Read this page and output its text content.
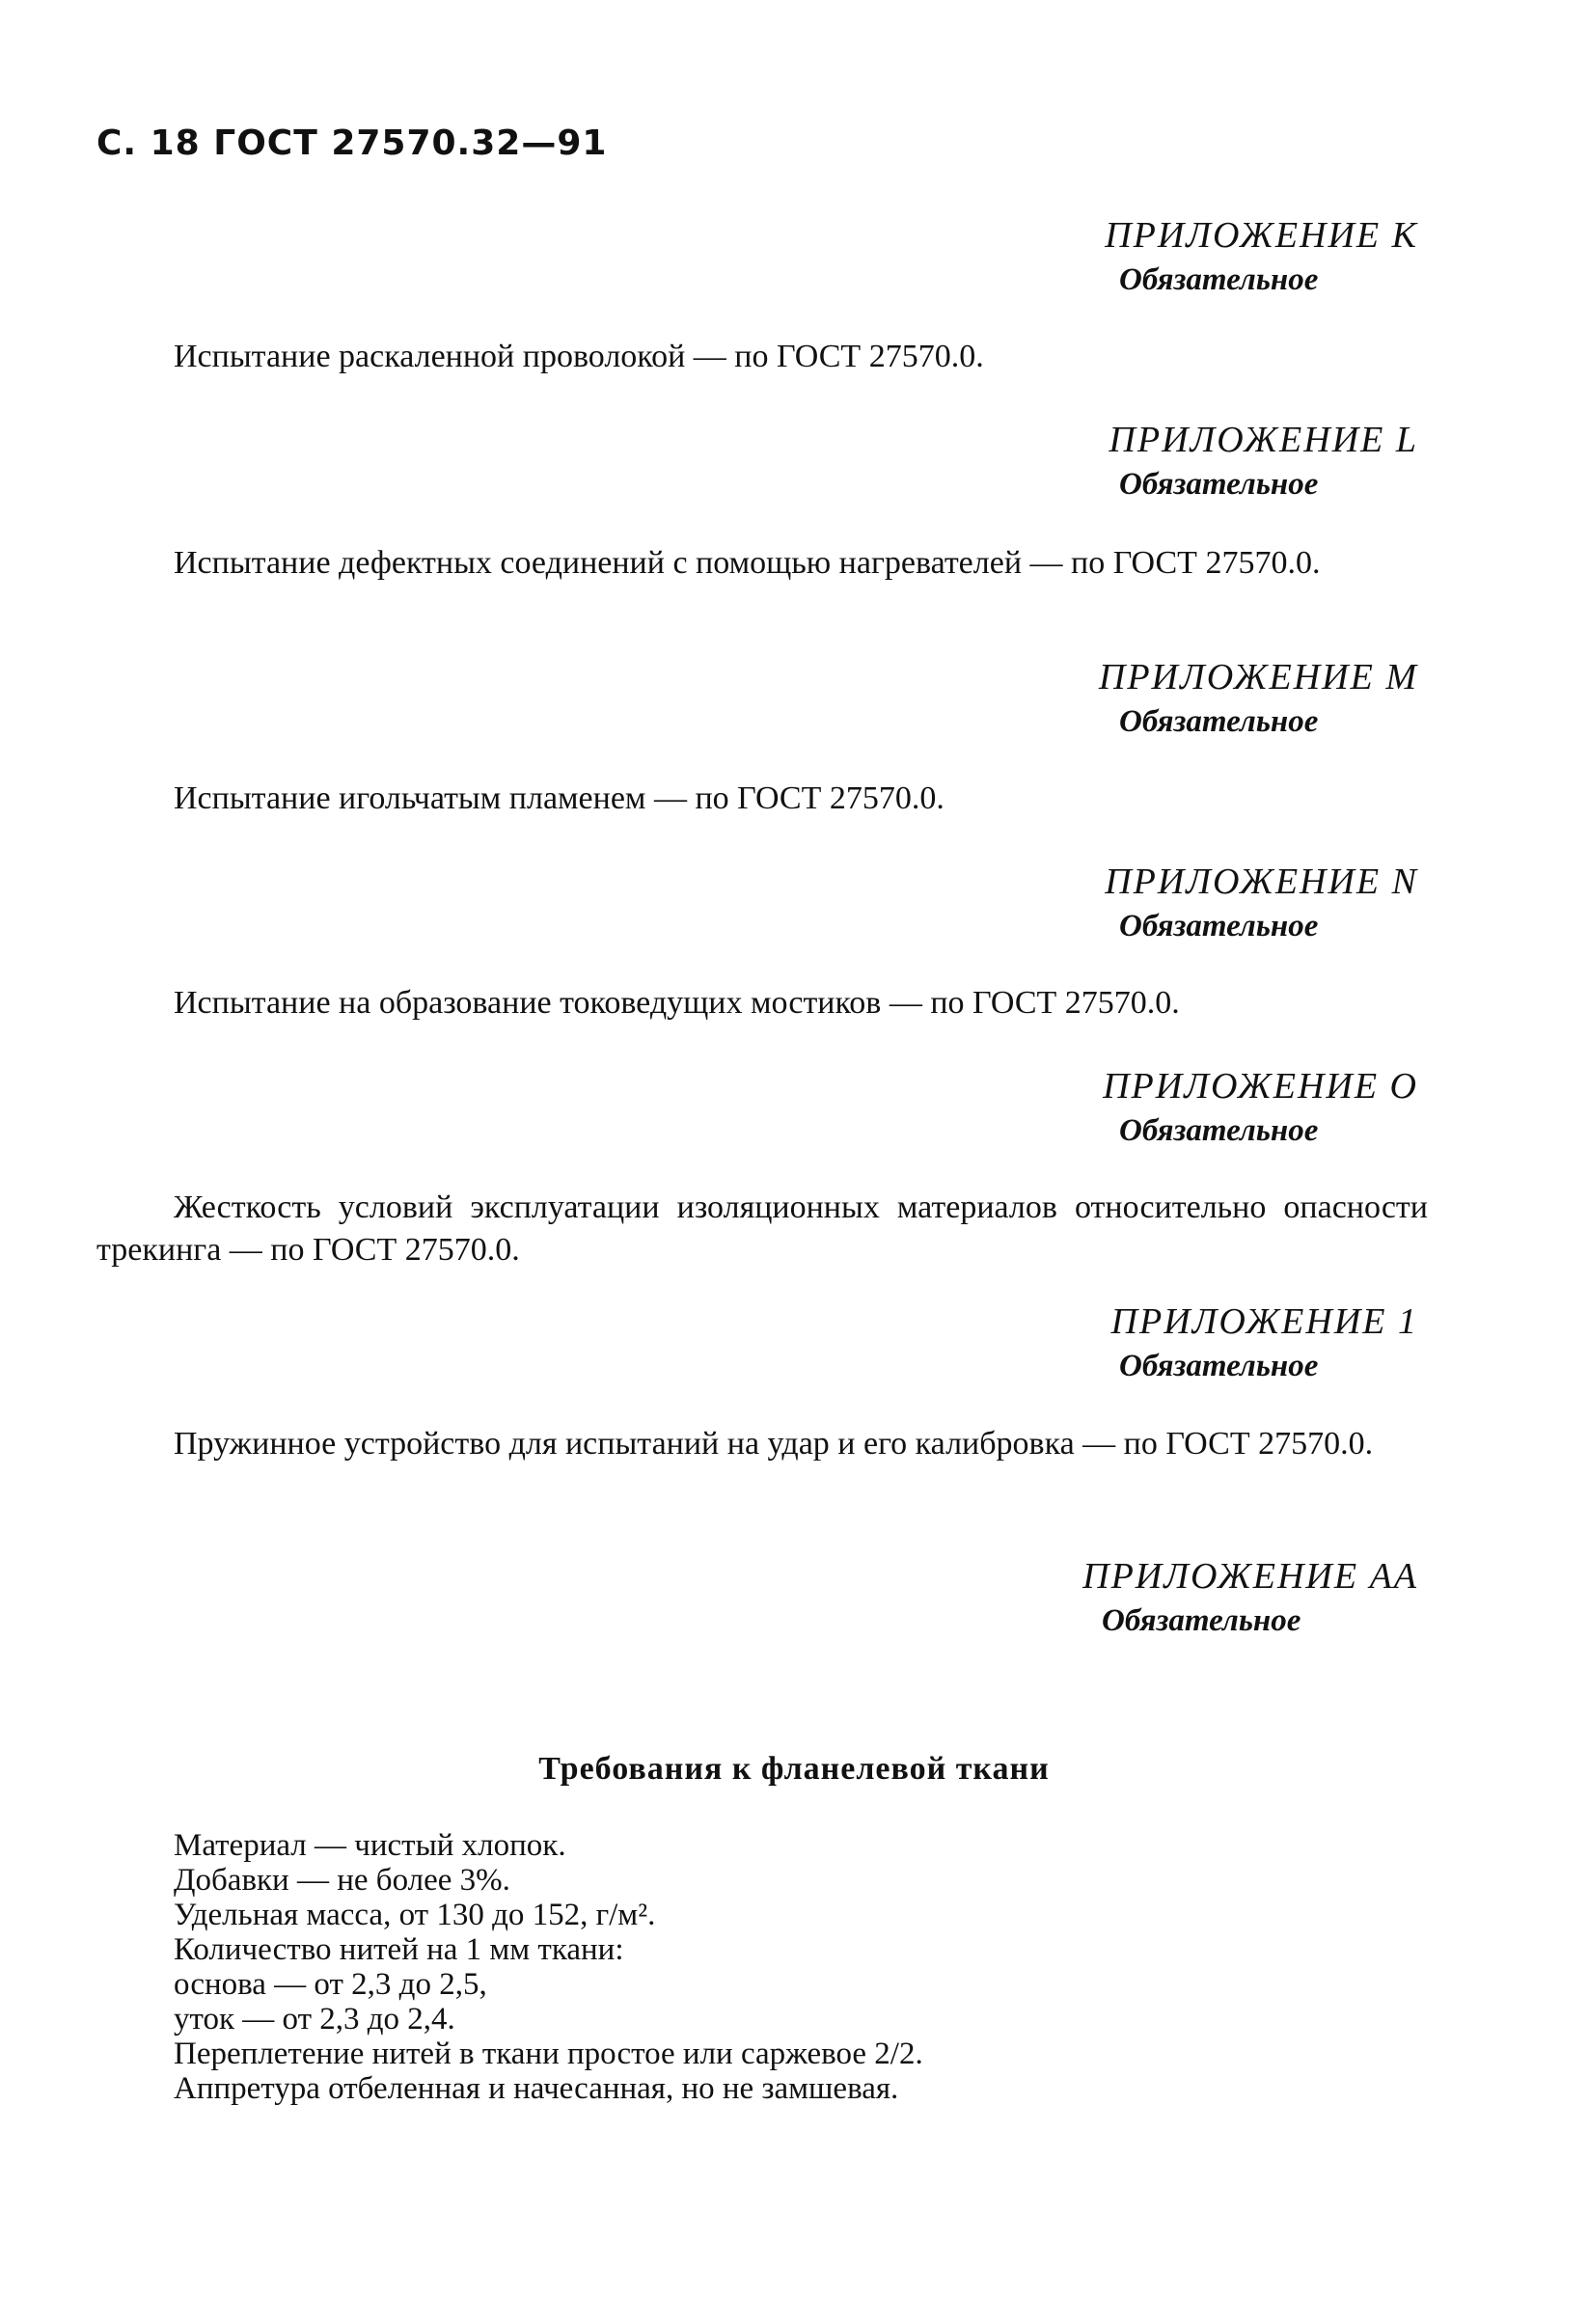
С. 18 ГОСТ 27570.32—91
ПРИЛОЖЕНИЕ K
Обязательное
Испытание раскаленной проволокой — по ГОСТ 27570.0.
ПРИЛОЖЕНИЕ L
Обязательное
Испытание дефектных соединений с помощью нагревателей — по ГОСТ 27570.0.
ПРИЛОЖЕНИЕ M
Обязательное
Испытание игольчатым пламенем — по ГОСТ 27570.0.
ПРИЛОЖЕНИЕ N
Обязательное
Испытание на образование токоведущих мостиков — по ГОСТ 27570.0.
ПРИЛОЖЕНИЕ O
Обязательное
Жесткость условий эксплуатации изоляционных материалов относительно опасности трекинга — по ГОСТ 27570.0.
ПРИЛОЖЕНИЕ 1
Обязательное
Пружинное устройство для испытаний на удар и его калибровка — по ГОСТ 27570.0.
ПРИЛОЖЕНИЕ АА
Обязательное
Требования к фланелевой ткани
Материал — чистый хлопок.
Добавки — не более 3%.
Удельная масса, от 130 до 152, г/м².
Количество нитей на 1 мм ткани:
основа — от 2,3 до 2,5,
уток — от 2,3 до 2,4.
Переплетение нитей в ткани простое или саржевое 2/2.
Аппретура отбеленная и начесанная, но не замшевая.
